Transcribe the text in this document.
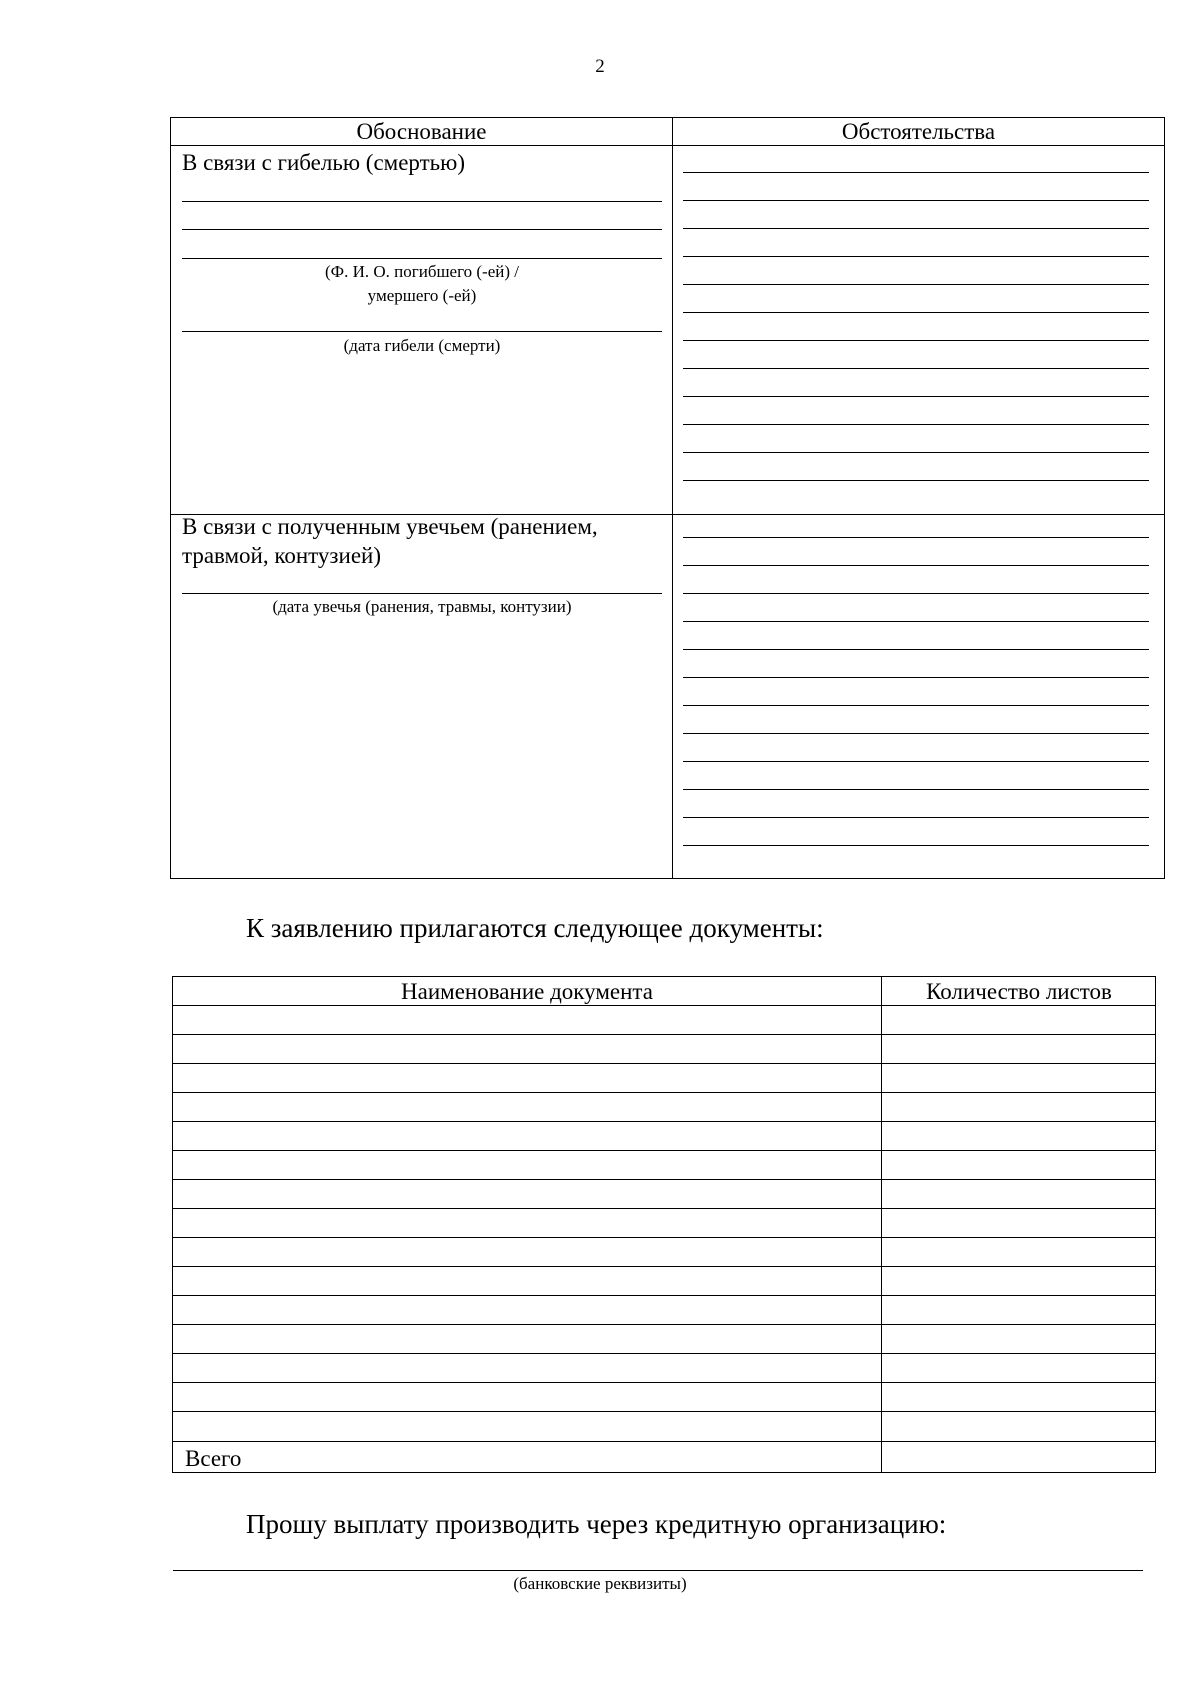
2
Обоснование	Обстоятельства
В связи с гибелью (смертью)
(Ф. И. О. погибшего (-ей) /
умершего (-ей)
(дата гибели (смерти)
В связи с полученным увечьем (ранением,
травмой, контузией)
(дата увечья (ранения, травмы, контузии)
К заявлению прилагаются следующее документы:
Наименование документа	Количество листов
Всего
Прошу выплату производить через кредитную организацию:
(банковские реквизиты)
